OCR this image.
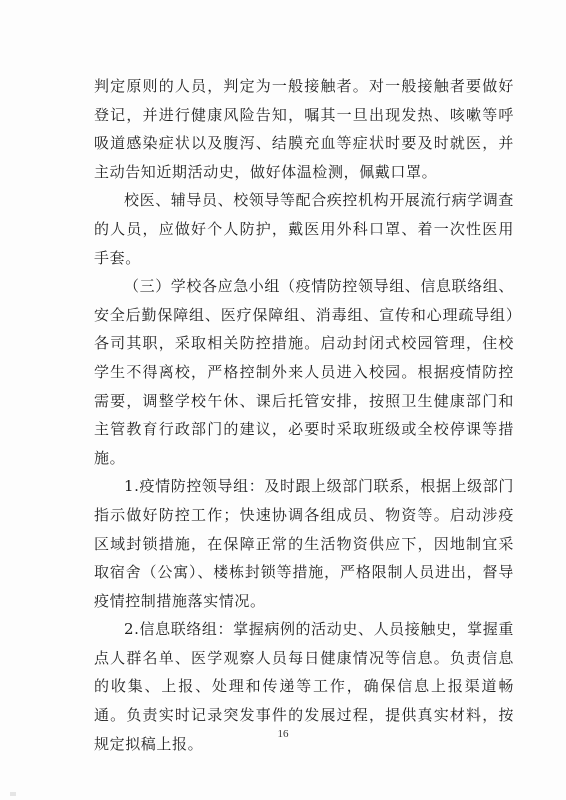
判定原则的人员，判定为一般接触者。对一般接触者要做好登记，并进行健康风险告知，嘱其一旦出现发热、咳嗽等呼吸道感染症状以及腹泻、结膜充血等症状时要及时就医，并主动告知近期活动史，做好体温检测，佩戴口罩。

校医、辅导员、校领导等配合疾控机构开展流行病学调查的人员，应做好个人防护，戴医用外科口罩、着一次性医用手套。

（三）学校各应急小组（疫情防控领导组、信息联络组、安全后勤保障组、医疗保障组、消毒组、宣传和心理疏导组）各司其职，采取相关防控措施。启动封闭式校园管理，住校学生不得离校，严格控制外来人员进入校园。根据疫情防控需要，调整学校午休、课后托管安排，按照卫生健康部门和主管教育行政部门的建议，必要时采取班级或全校停课等措施。

1.疫情防控领导组：及时跟上级部门联系，根据上级部门指示做好防控工作；快速协调各组成员、物资等。启动涉疫区域封锁措施，在保障正常的生活物资供应下，因地制宜采取宿舍（公寓）、楼栋封锁等措施，严格限制人员进出，督导疫情控制措施落实情况。

2.信息联络组：掌握病例的活动史、人员接触史，掌握重点人群名单、医学观察人员每日健康情况等信息。负责信息的收集、上报、处理和传递等工作，确保信息上报渠道畅通。负责实时记录突发事件的发展过程，提供真实材料，按规定拟稿上报。

16
